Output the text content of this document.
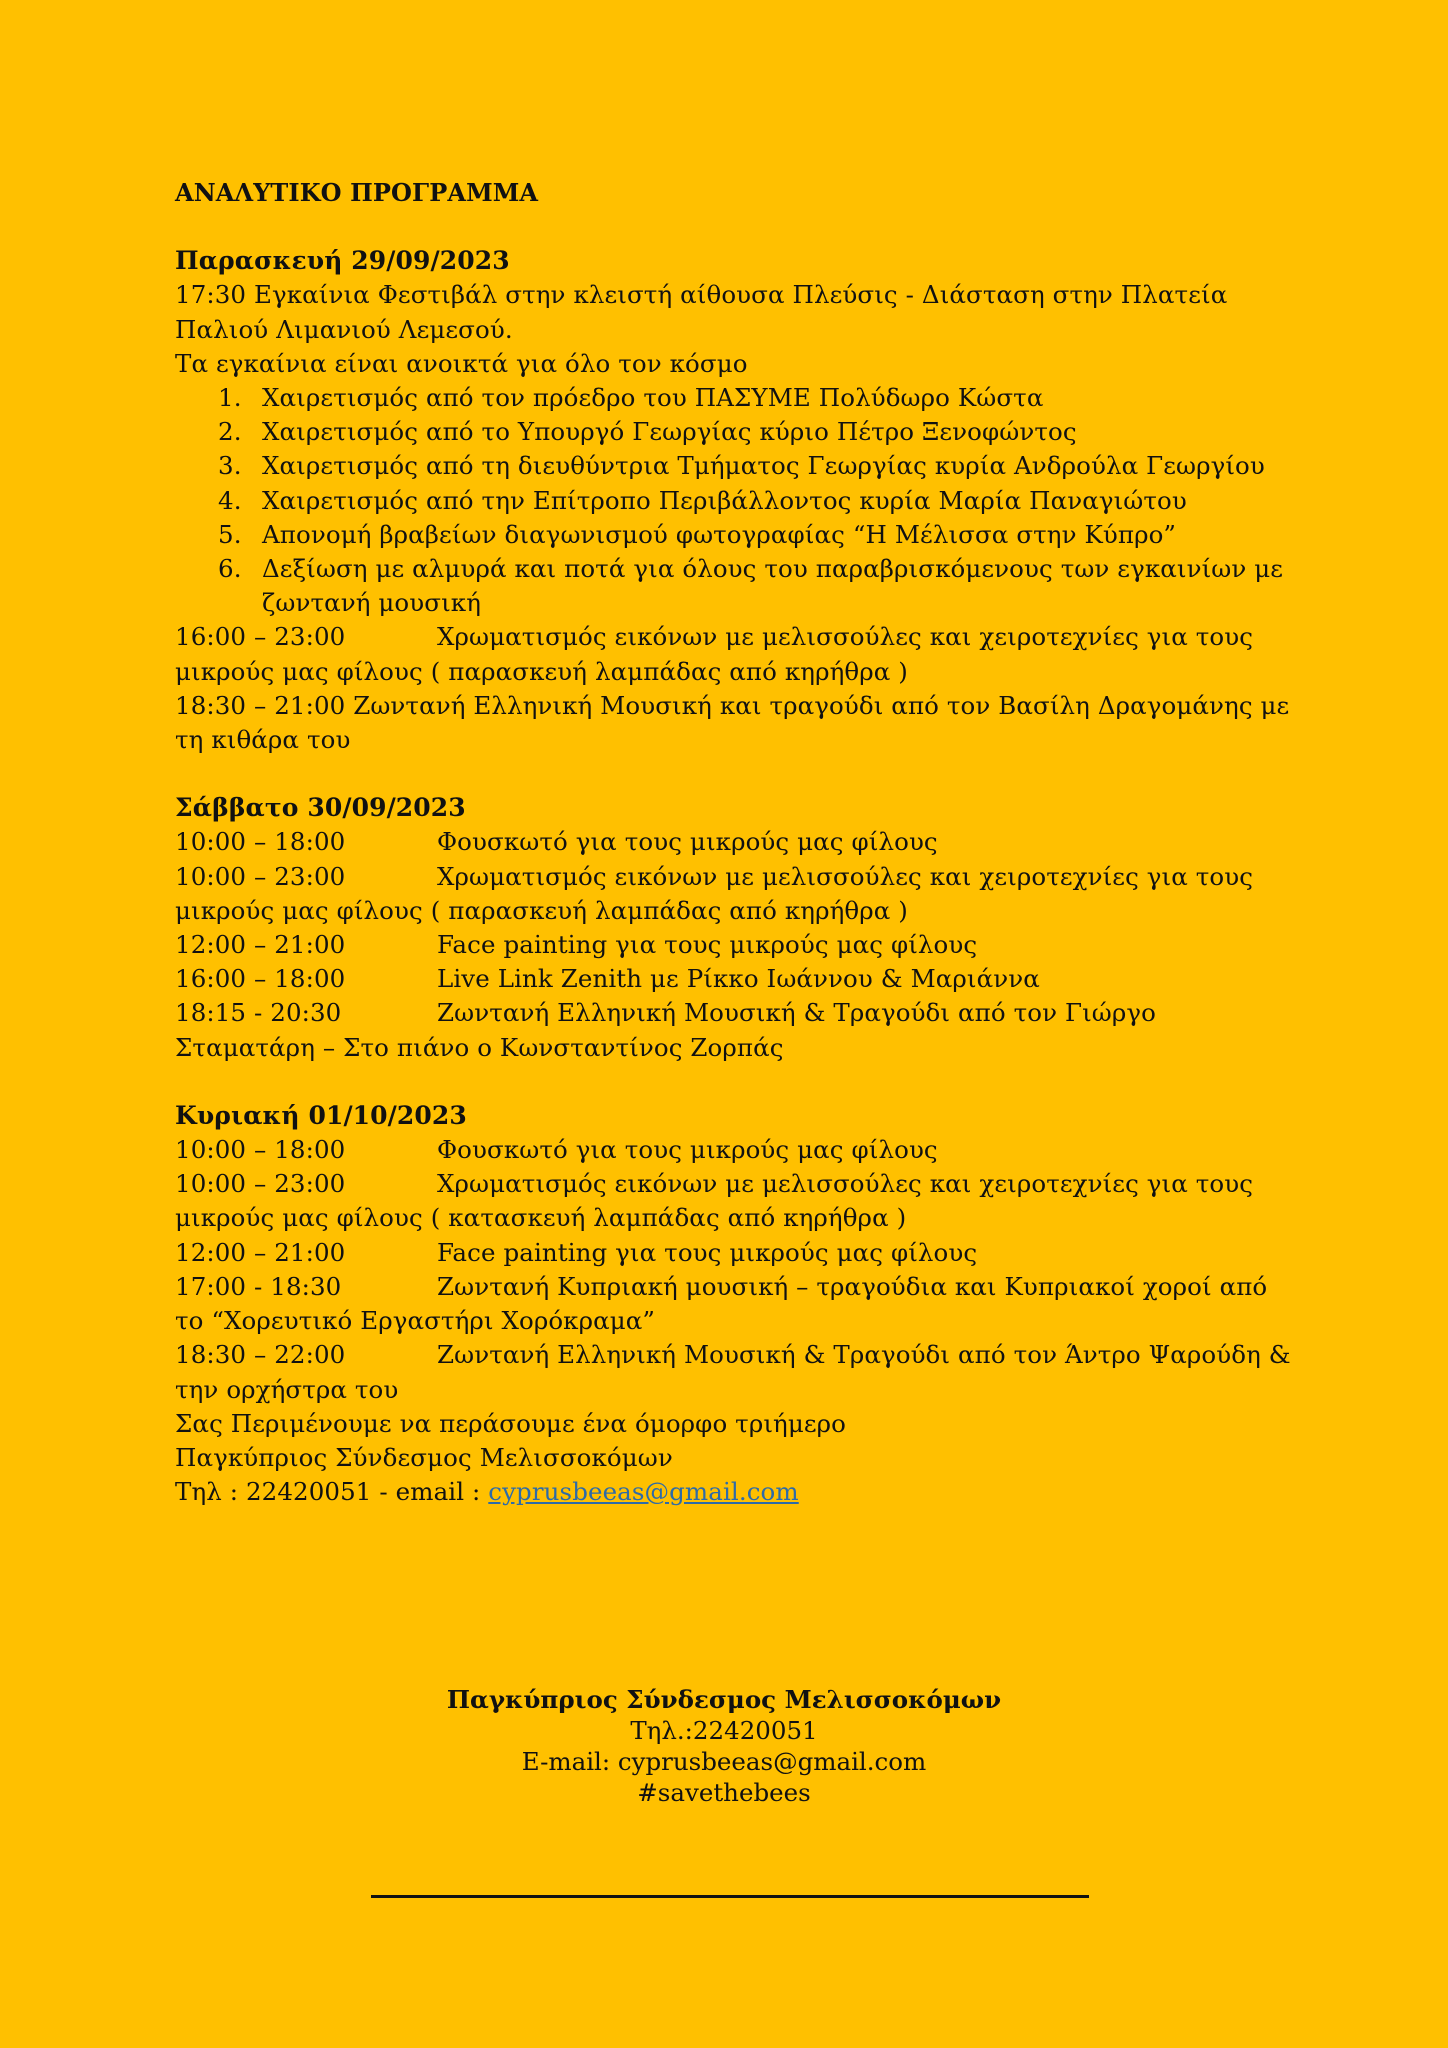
ΑΝΑΛΥΤΙΚΟ ΠΡΟΓΡΑΜΜΑ

Παρασκευή 29/09/2023

17:30 Εγκαίνια Φεστιβάλ στην κλειστή αίθουσα Πλεύσις - Διάσταση στην Πλατεία Παλιού Λιμανιού Λεμεσού.

Τα εγκαίνια είναι ανοικτά για όλο τον κόσμο

1. Χαιρετισμός από τον πρόεδρο του ΠΑΣΥΜΕ Πολύδωρο Κώστα
2. Χαιρετισμός από το Υπουργό Γεωργίας κύριο Πέτρο Ξενοφώντος
3. Χαιρετισμός από τη διευθύντρια Τμήματος Γεωργίας κυρία Ανδρούλα Γεωργίου
4. Χαιρετισμός από την Επίτροπο Περιβάλλοντος κυρία Μαρία Παναγιώτου
5. Απονομή βραβείων διαγωνισμού φωτογραφίας “Η Μέλισσα στην Κύπρο”
6. Δεξίωση με αλμυρά και ποτά για όλους του παραβρισκόμενους των εγκαινίων με ζωντανή μουσική

16:00 – 23:00	Χρωματισμός εικόνων με μελισσούλες και χειροτεχνίες για τους μικρούς μας φίλους ( παρασκευή λαμπάδας από κηρήθρα )

18:30 – 21:00 Ζωντανή Ελληνική Μουσική και τραγούδι από τον Βασίλη Δραγομάνης με τη κιθάρα του

Σάββατο 30/09/2023

10:00 – 18:00	Φουσκωτό για τους μικρούς μας φίλους

10:00 – 23:00	Χρωματισμός εικόνων με μελισσούλες και χειροτεχνίες για τους μικρούς μας φίλους ( παρασκευή λαμπάδας από κηρήθρα )

12:00 – 21:00	Face painting για τους μικρούς μας φίλους

16:00 – 18:00	Live Link Zenith με Ρίκκο Ιωάννου & Μαριάννα

18:15 - 20:30	Ζωντανή Ελληνική Μουσική & Τραγούδι από τον Γιώργο Σταματάρη – Στο πιάνο ο Κωνσταντίνος Ζορπάς

Κυριακή 01/10/2023

10:00 – 18:00	Φουσκωτό για τους μικρούς μας φίλους

10:00 – 23:00	Χρωματισμός εικόνων με μελισσούλες και χειροτεχνίες για τους μικρούς μας φίλους ( κατασκευή λαμπάδας από κηρήθρα )

12:00 – 21:00	Face painting για τους μικρούς μας φίλους

17:00 - 18:30	Ζωντανή Κυπριακή μουσική – τραγούδια και Κυπριακοί χοροί από το “Χορευτικό Εργαστήρι Χορόκραμα”

18:30 – 22:00	Ζωντανή Ελληνική Μουσική & Τραγούδι από τον Άντρο Ψαρούδη & την ορχήστρα του

Σας Περιμένουμε να περάσουμε ένα όμορφο τριήμερο

Παγκύπριος Σύνδεσμος Μελισσοκόμων

Τηλ : 22420051 - email : cyprusbeeas@gmail.com

Παγκύπριος Σύνδεσμος Μελισσοκόμων
Τηλ.:22420051
E-mail: cyprusbeeas@gmail.com
#savethebees
